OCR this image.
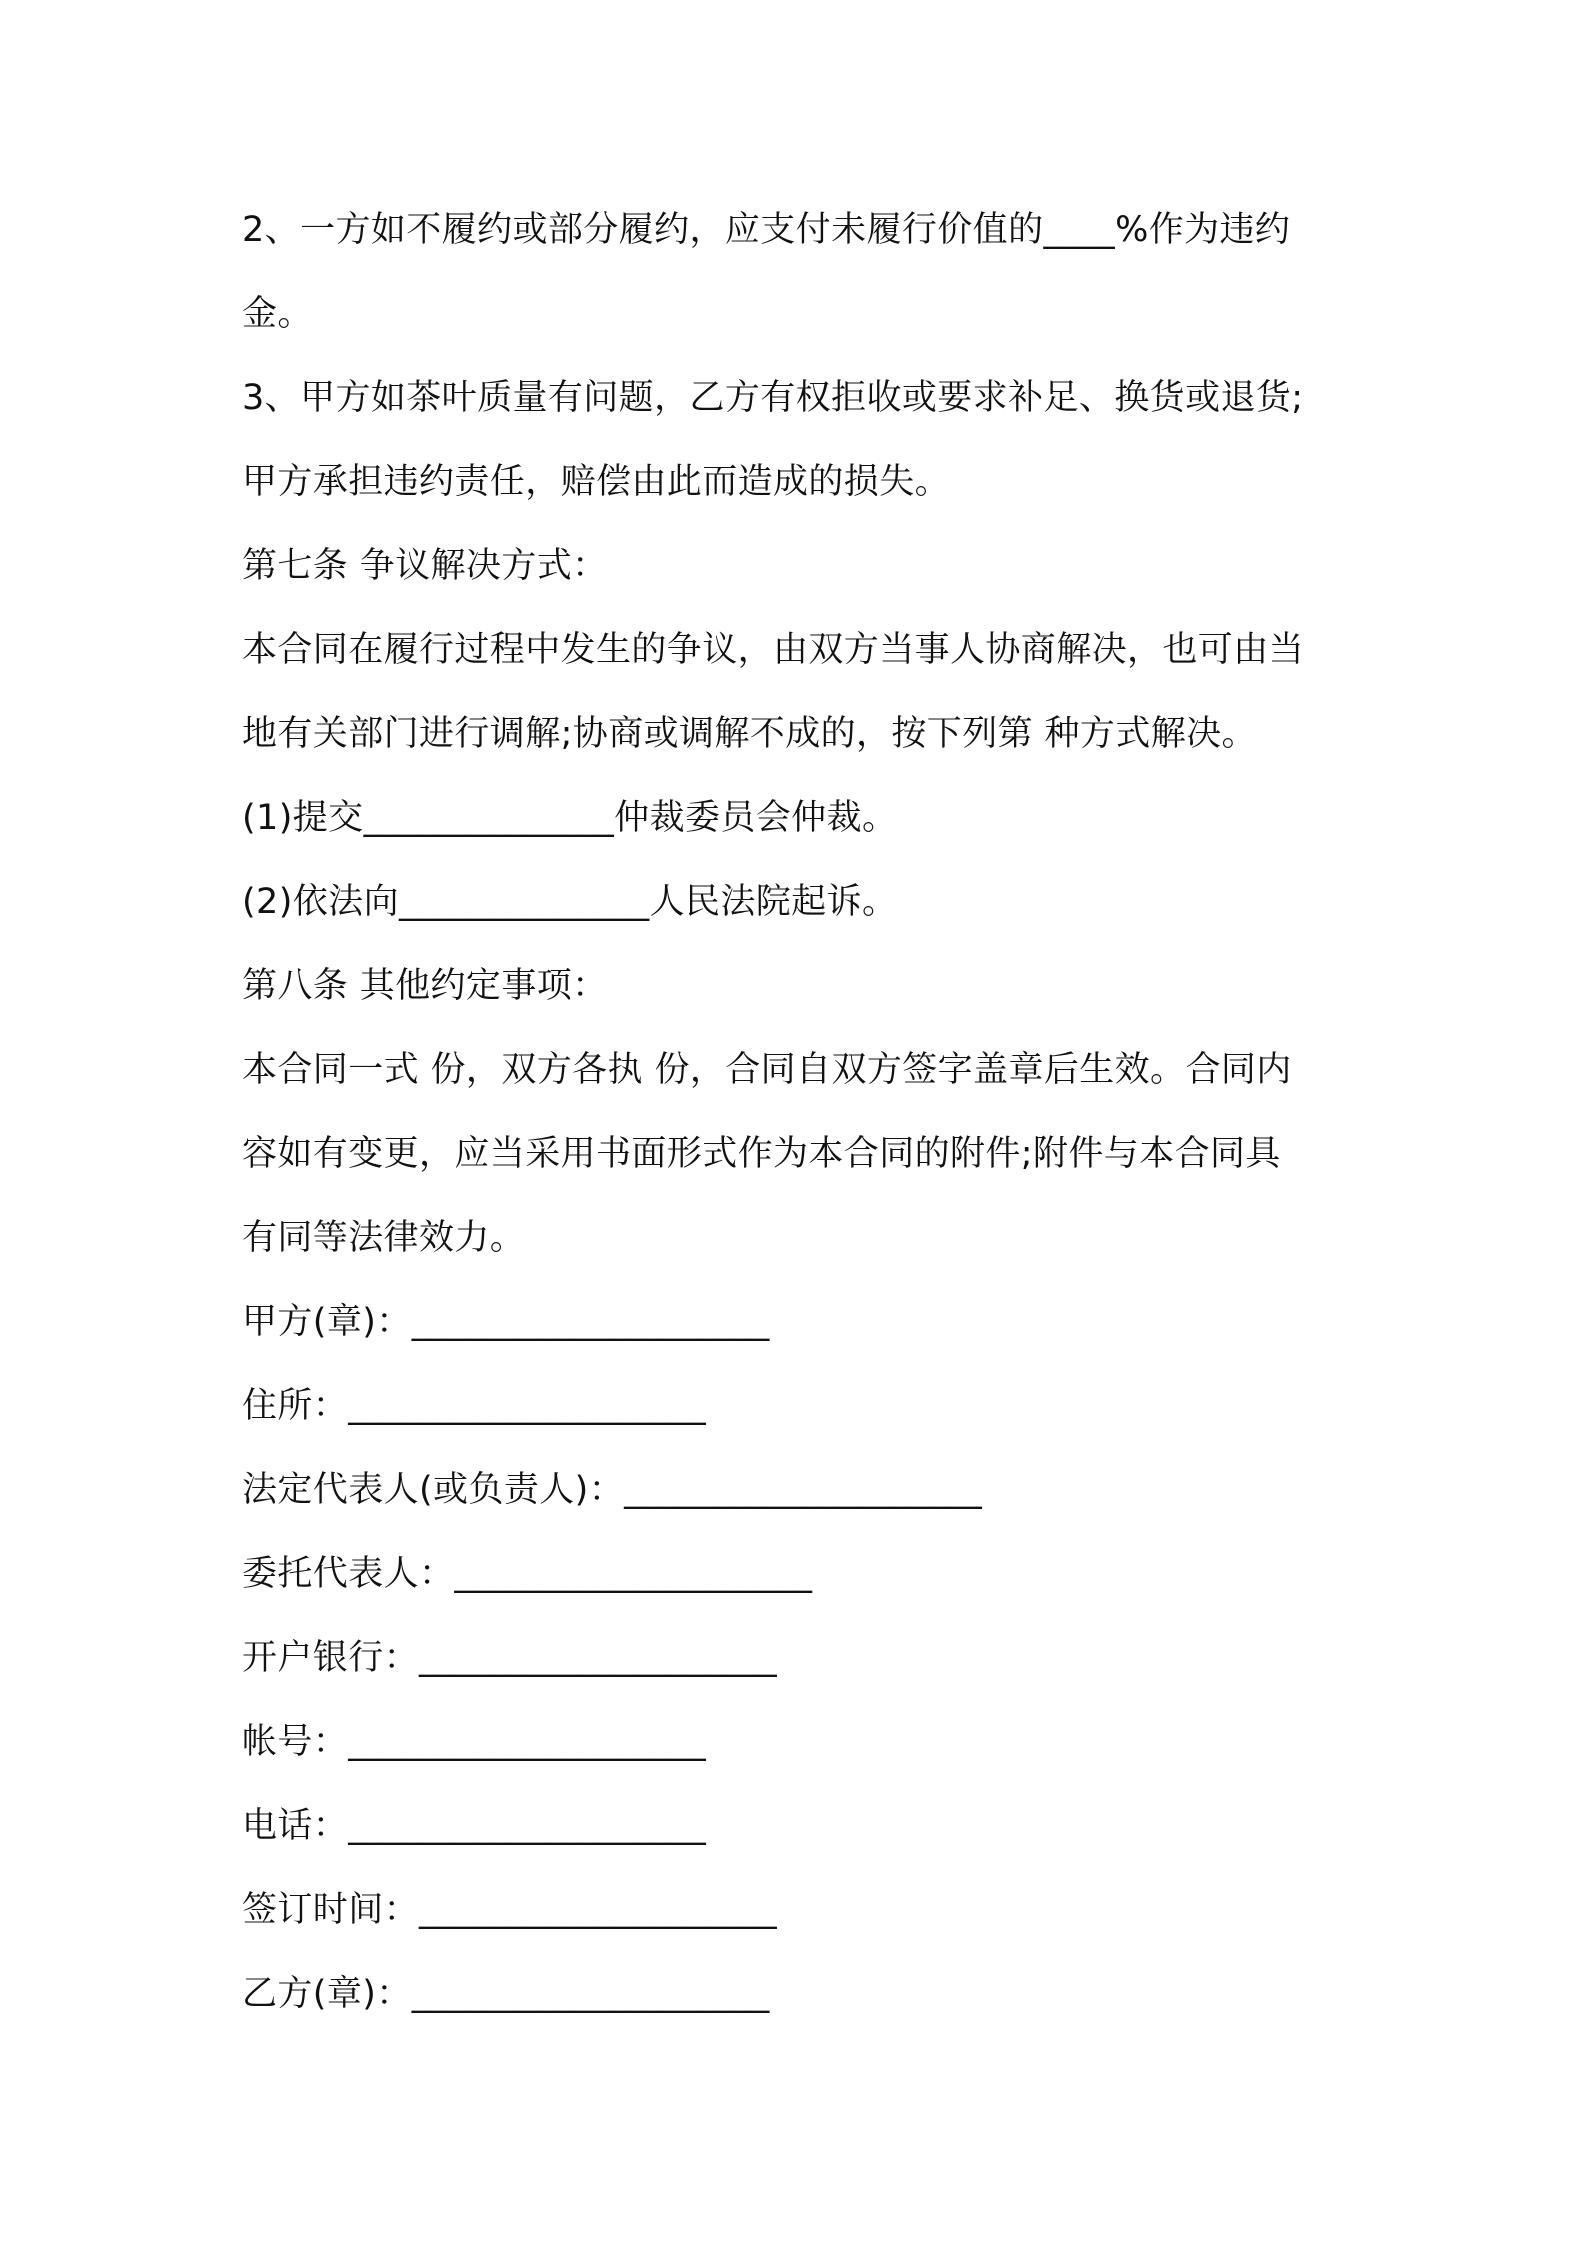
2、一方如不履约或部分履约，应支付未履行价值的____%作为违约
金。
3、甲方如茶叶质量有问题，乙方有权拒收或要求补足、换货或退货;
甲方承担违约责任，赔偿由此而造成的损失。
第七条 争议解决方式：
本合同在履行过程中发生的争议，由双方当事人协商解决，也可由当
地有关部门进行调解;协商或调解不成的，按下列第 种方式解决。
(1)提交______________仲裁委员会仲裁。
(2)依法向______________人民法院起诉。
第八条 其他约定事项：
本合同一式 份，双方各执 份，合同自双方签字盖章后生效。合同内
容如有变更，应当采用书面形式作为本合同的附件;附件与本合同具
有同等法律效力。
甲方(章)：____________________
住所：____________________
法定代表人(或负责人)：____________________
委托代表人：____________________
开户银行：____________________
帐号：____________________
电话：____________________
签订时间：____________________
乙方(章)：____________________
